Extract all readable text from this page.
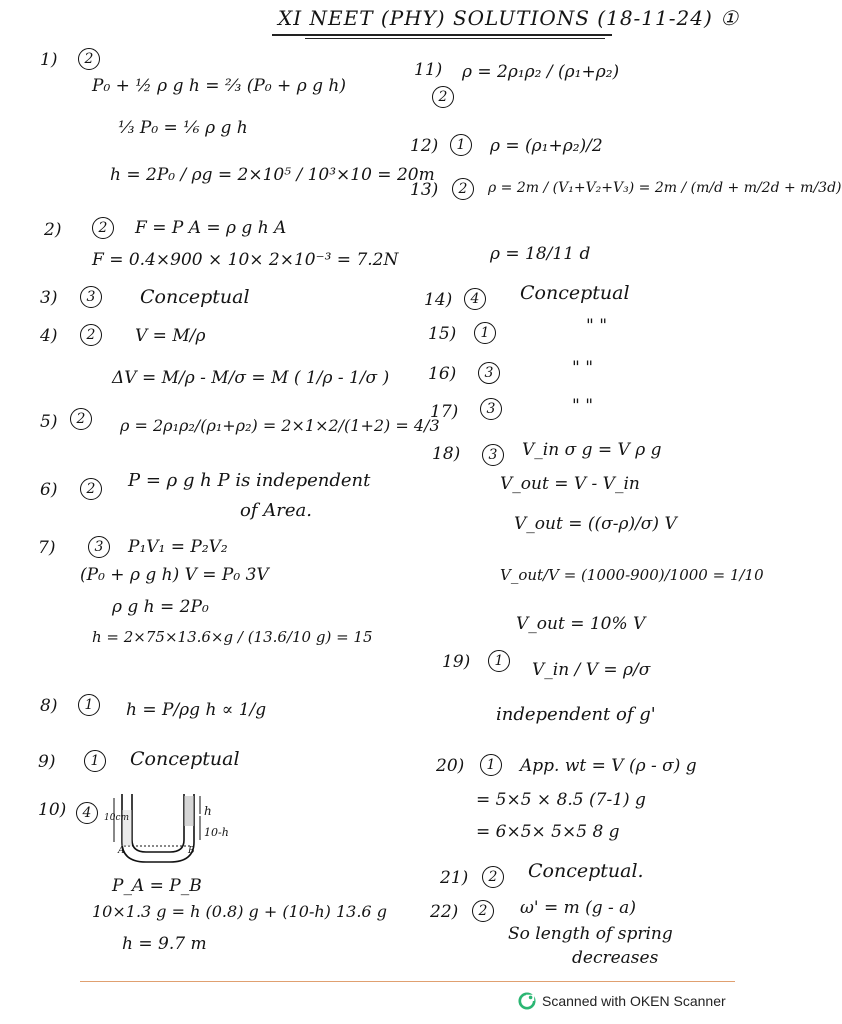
XI NEET (PHY) SOLUTIONS (18-11-24) ①
1)	2
P₀ + ½ ρ g h = ⅔ (P₀ + ρ g h)
⅓ P₀ = ⅙ ρ g h
h = 2P₀ / ρg = 2×10⁵ / 10³×10 = 20m
2)	2	F = P A = ρ g h A
F = 0.4×900 × 10× 2×10⁻³ = 7.2N
3)	3	Conceptual
4)	2	V = M/ρ
ΔV = M/ρ - M/σ = M ( 1/ρ - 1/σ )
5)	2	ρ = 2ρ₁ρ₂/(ρ₁+ρ₂) = 2×1×2/(1+2) = 4/3
6)	2	P = ρ g h P is independent
of Area.
7)	3	P₁V₁ = P₂V₂
(P₀ + ρ g h) V = P₀ 3V
ρ g h = 2P₀
h = 2×75×13.6×g / (13.6/10 g) = 15
8)	1	h = P/ρg h ∝ 1/g
9)	1	Conceptual
10)	4	10cm	h
10-h
A	B
P_A = P_B
10×1.3 g = h (0.8) g + (10-h) 13.6 g
h = 9.7 m
11)
2
ρ = 2ρ₁ρ₂ / (ρ₁+ρ₂)
12)	1	ρ = (ρ₁+ρ₂)/2
13)	2	ρ = 2m / (V₁+V₂+V₃) = 2m / (m/d + m/2d + m/3d)
ρ = 18/11 d
14)	4	Conceptual
15)	1	" "
16)	3	" "
17)	3	" "
18)	3	V_in σ g = V ρ g
V_out = V - V_in
V_out = ((σ-ρ)/σ) V
V_out/V = (1000-900)/1000 = 1/10
V_out = 10% V
19)	1	V_in / V = ρ/σ
independent of g'
20)	1	App. wt = V (ρ - σ) g
= 5×5 × 8.5 (7-1) g
= 6×5× 5×5 8 g
21)	2	Conceptual.
22)	2	ω' = m (g - a)
So length of spring
decreases
Scanned with OKEN Scanner
